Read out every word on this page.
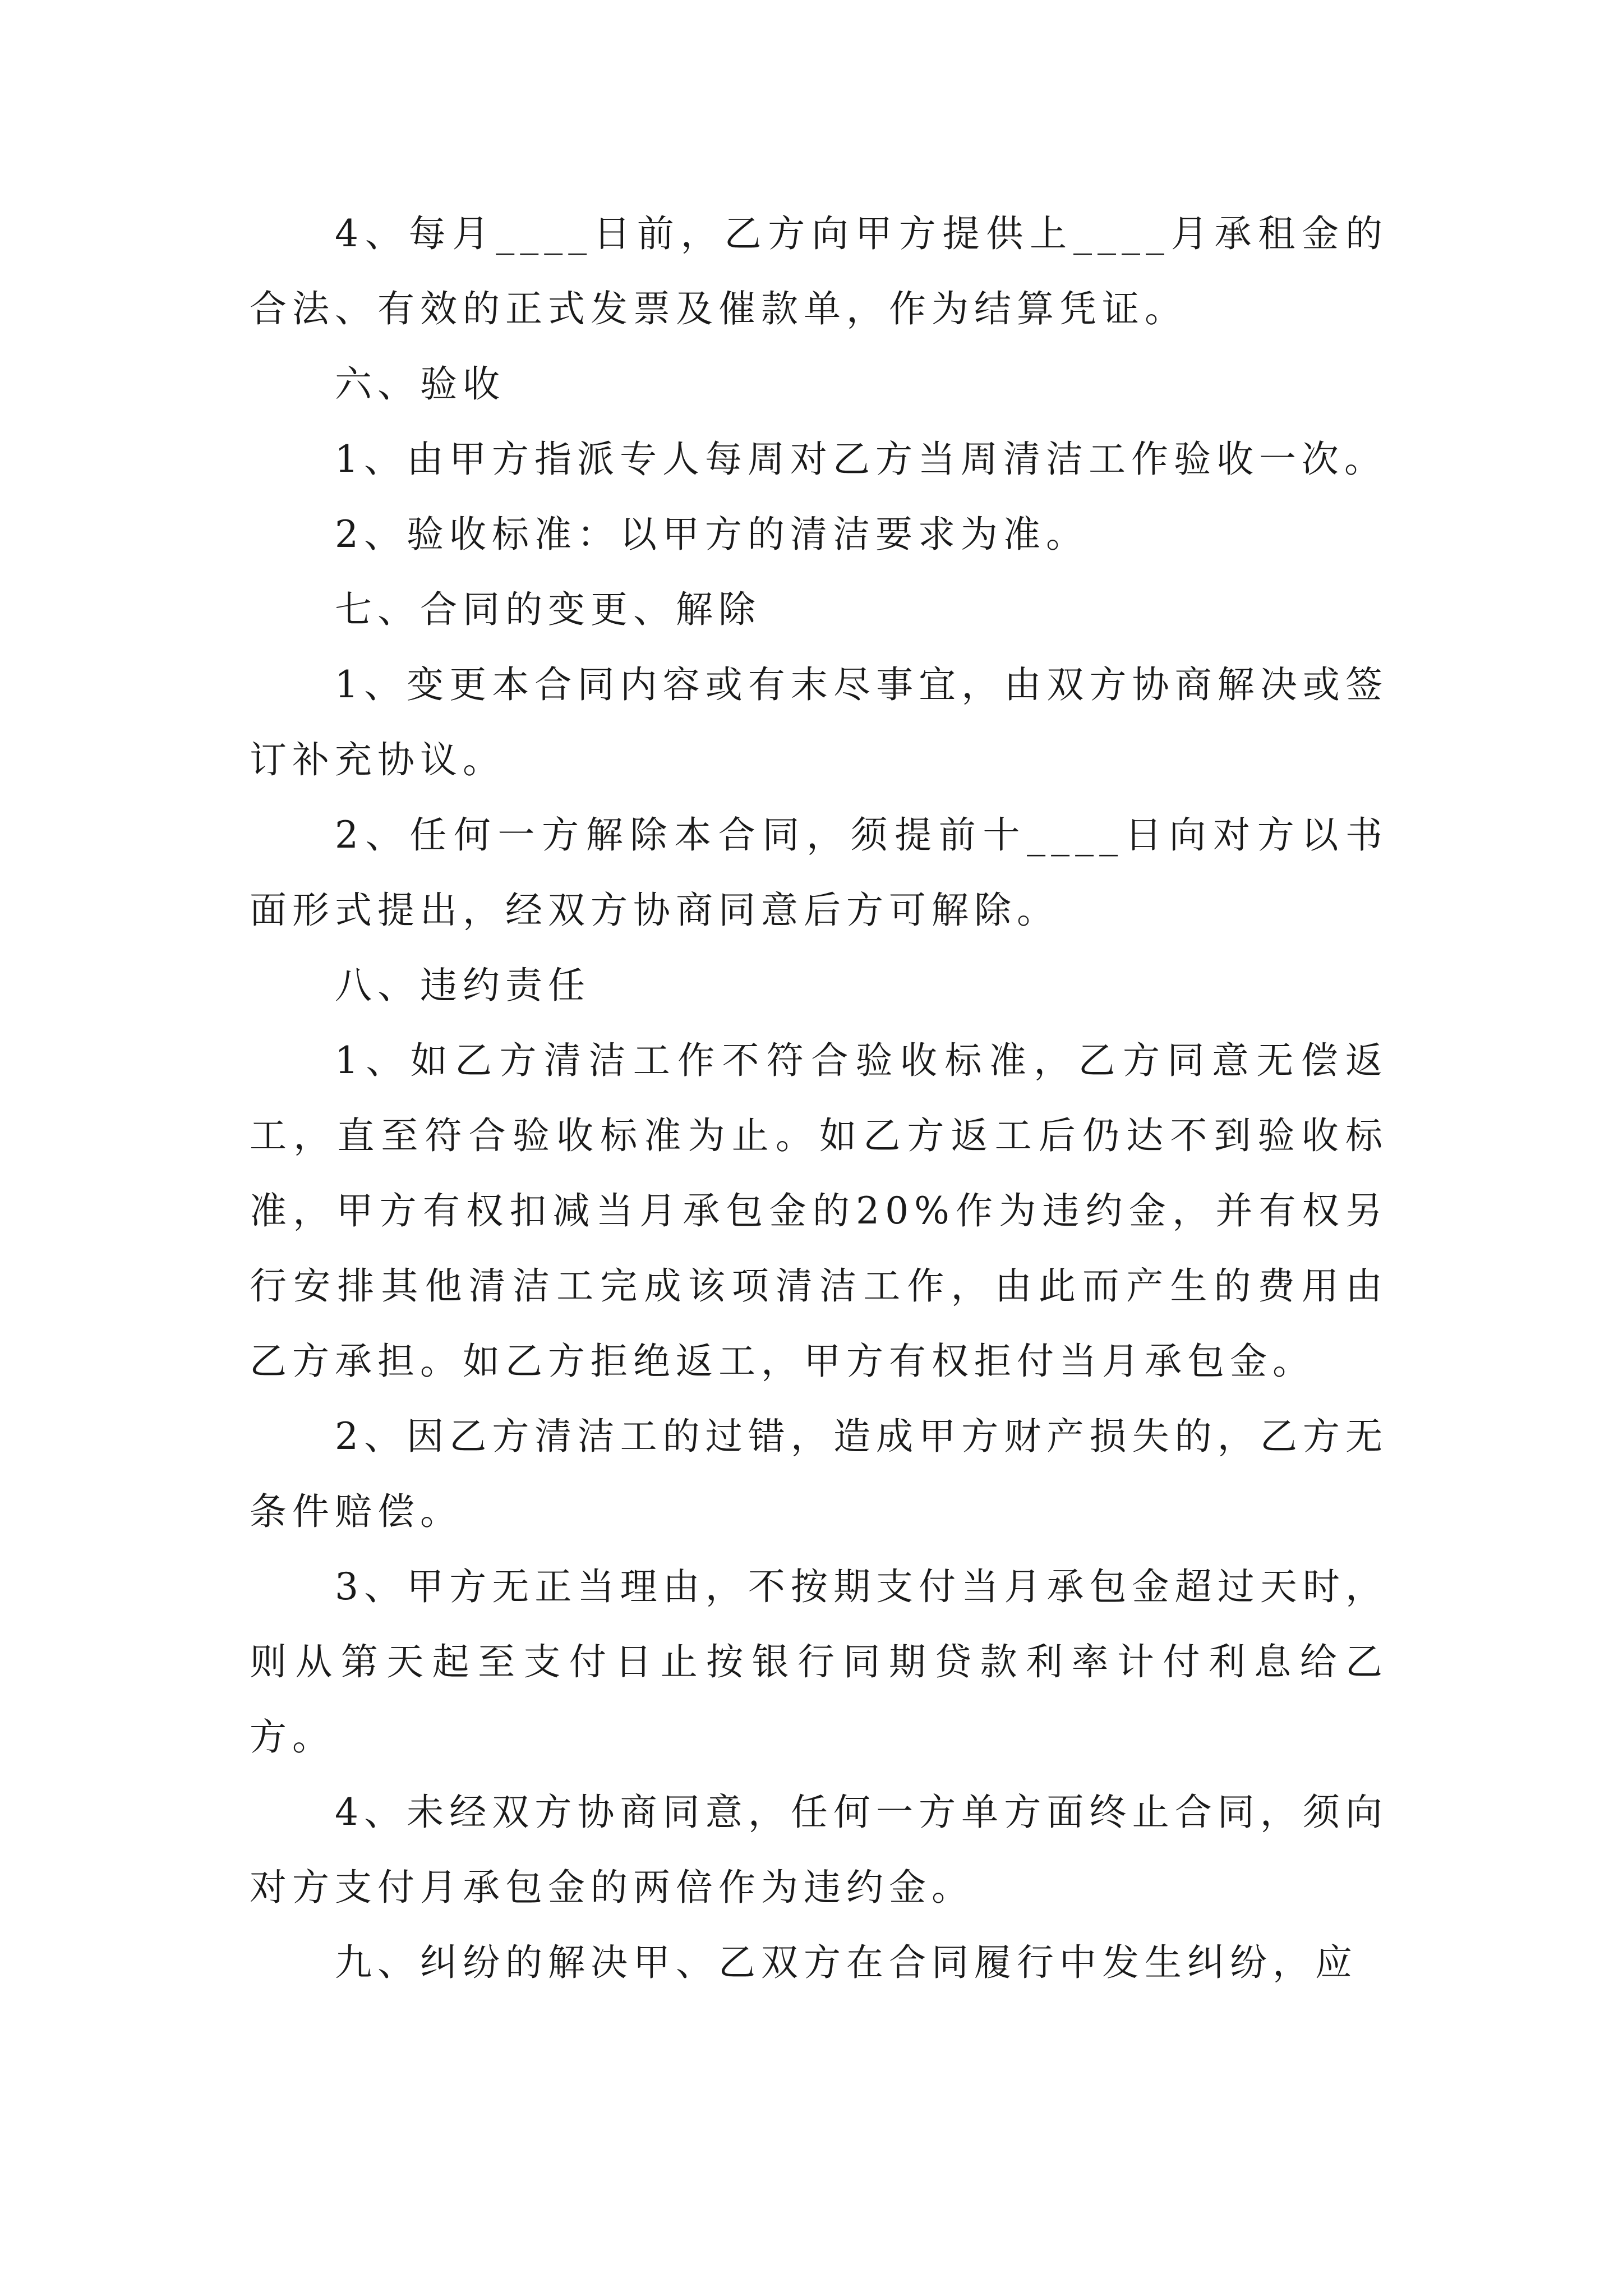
4、每月____日前，乙方向甲方提供上____月承租金的合法、有效的正式发票及催款单，作为结算凭证。

六、验收

1、由甲方指派专人每周对乙方当周清洁工作验收一次。

2、验收标准：以甲方的清洁要求为准。

七、合同的变更、解除

1、变更本合同内容或有末尽事宜，由双方协商解决或签订补充协议。

2、任何一方解除本合同，须提前十____日向对方以书面形式提出，经双方协商同意后方可解除。

八、违约责任

1、如乙方清洁工作不符合验收标准，乙方同意无偿返工，直至符合验收标准为止。如乙方返工后仍达不到验收标准，甲方有权扣减当月承包金的20%作为违约金，并有权另行安排其他清洁工完成该项清洁工作，由此而产生的费用由乙方承担。如乙方拒绝返工，甲方有权拒付当月承包金。

2、因乙方清洁工的过错，造成甲方财产损失的，乙方无条件赔偿。

3、甲方无正当理由，不按期支付当月承包金超过天时，则从第天起至支付日止按银行同期贷款利率计付利息给乙方。

4、未经双方协商同意，任何一方单方面终止合同，须向对方支付月承包金的两倍作为违约金。

九、纠纷的解决甲、乙双方在合同履行中发生纠纷，应
